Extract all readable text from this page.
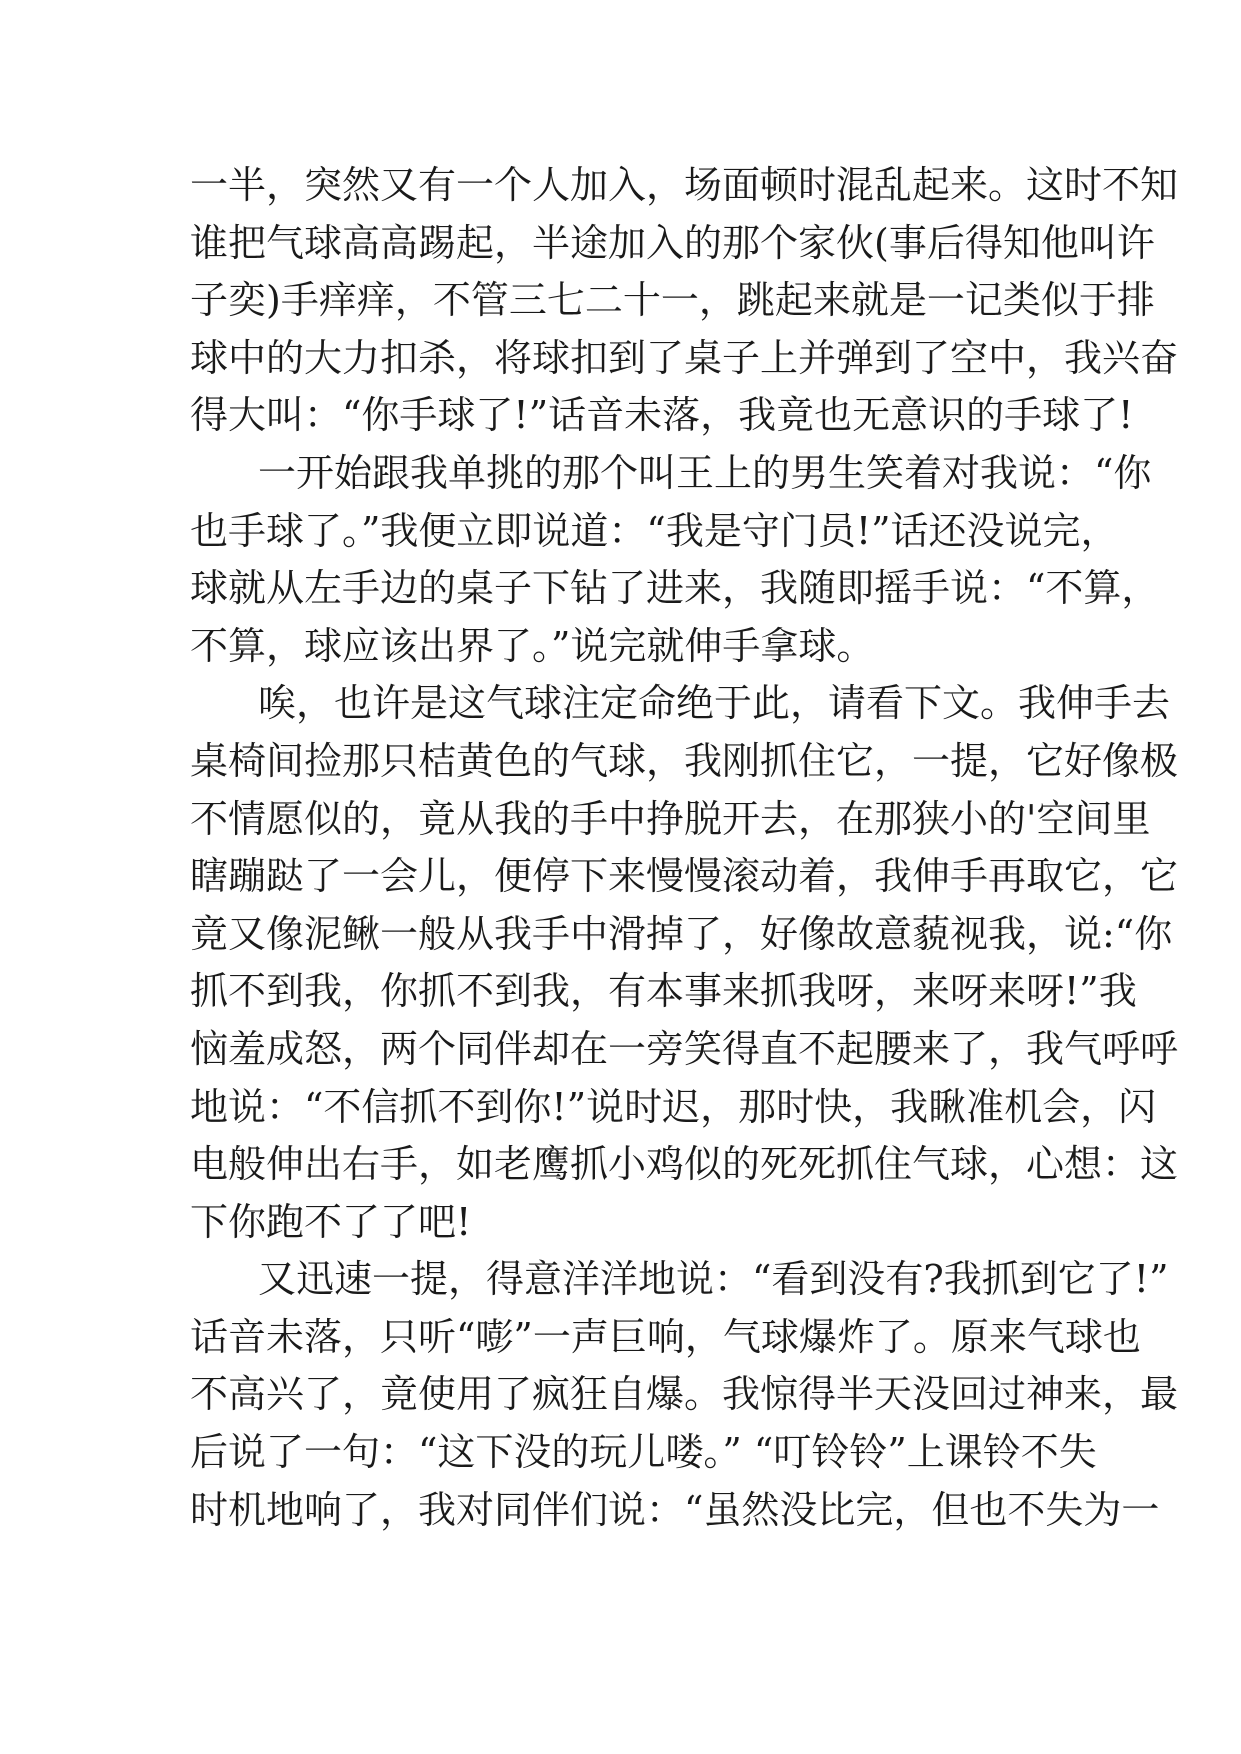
一半，突然又有一个人加入，场面顿时混乱起来。这时不知
谁把气球高高踢起，半途加入的那个家伙(事后得知他叫许
子奕)手痒痒，不管三七二十一，跳起来就是一记类似于排
球中的大力扣杀，将球扣到了桌子上并弹到了空中，我兴奋
得大叫：“你手球了!”话音未落，我竟也无意识的手球了!
一开始跟我单挑的那个叫王上的男生笑着对我说：“你
也手球了。”我便立即说道：“我是守门员!”话还没说完，
球就从左手边的桌子下钻了进来，我随即摇手说：“不算，
不算，球应该出界了。”说完就伸手拿球。
唉，也许是这气球注定命绝于此，请看下文。我伸手去
桌椅间捡那只桔黄色的气球，我刚抓住它，一提，它好像极
不情愿似的，竟从我的手中挣脱开去，在那狭小的'空间里
瞎蹦跶了一会儿，便停下来慢慢滚动着，我伸手再取它，它
竟又像泥鳅一般从我手中滑掉了，好像故意藐视我，说:“你
抓不到我，你抓不到我，有本事来抓我呀，来呀来呀!”我
恼羞成怒，两个同伴却在一旁笑得直不起腰来了，我气呼呼
地说：“不信抓不到你!”说时迟，那时快，我瞅准机会，闪
电般伸出右手，如老鹰抓小鸡似的死死抓住气球，心想：这
下你跑不了了吧!
又迅速一提，得意洋洋地说：“看到没有?我抓到它了!”
话音未落，只听“嘭”一声巨响，气球爆炸了。原来气球也
不高兴了，竟使用了疯狂自爆。我惊得半天没回过神来，最
后说了一句：“这下没的玩儿喽。” “叮铃铃”上课铃不失
时机地响了，我对同伴们说：“虽然没比完，但也不失为一
